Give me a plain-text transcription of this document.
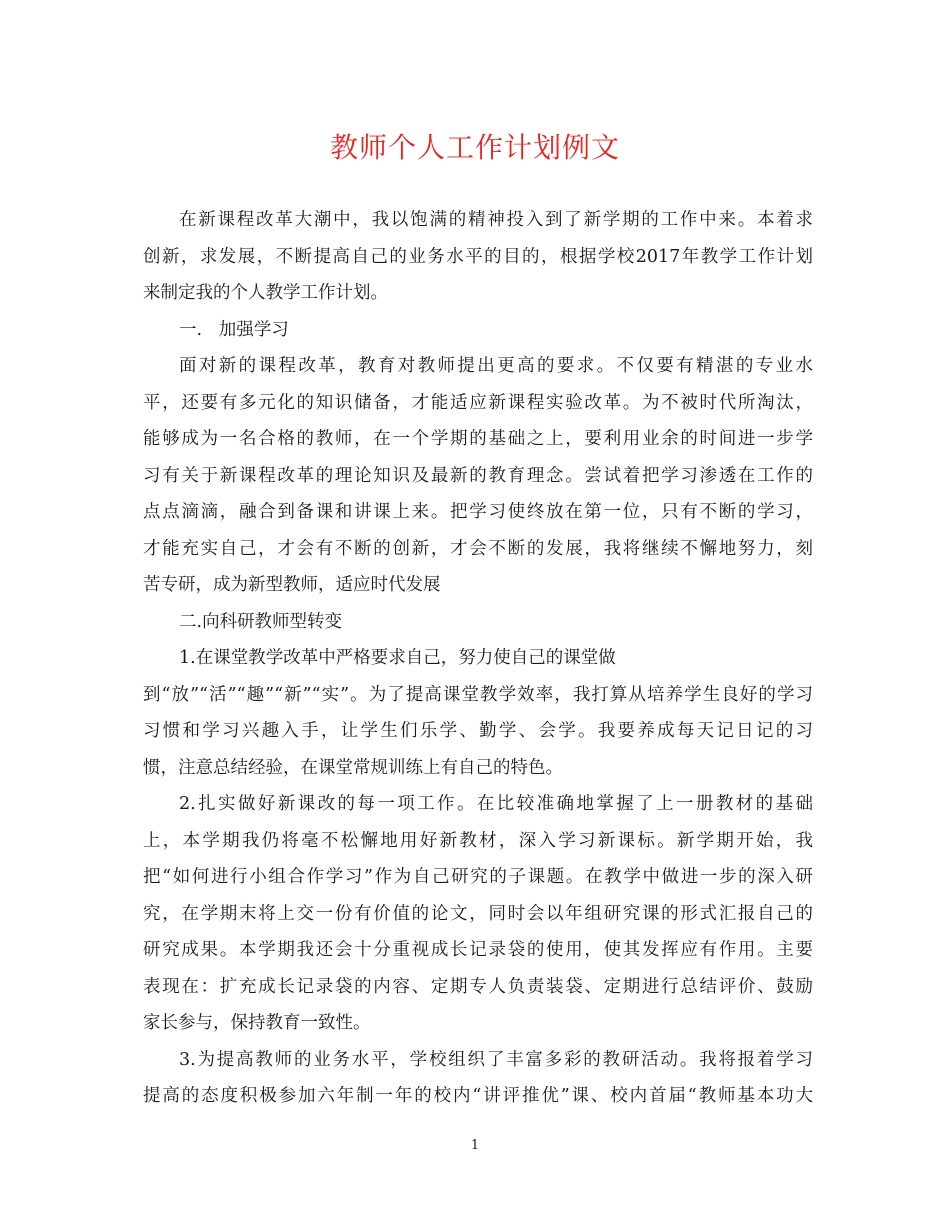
教师个人工作计划例文
在新课程改革大潮中，我以饱满的精神投入到了新学期的工作中来。本着求
创新，求发展，不断提高自己的业务水平的目的，根据学校2017年教学工作计划
来制定我的个人教学工作计划。
一.   加强学习
面对新的课程改革，教育对教师提出更高的要求。不仅要有精湛的专业水
平，还要有多元化的知识储备，才能适应新课程实验改革。为不被时代所淘汰，
能够成为一名合格的教师，在一个学期的基础之上，要利用业余的时间进一步学
习有关于新课程改革的理论知识及最新的教育理念。尝试着把学习渗透在工作的
点点滴滴，融合到备课和讲课上来。把学习使终放在第一位，只有不断的学习，
才能充实自己，才会有不断的创新，才会不断的发展，我将继续不懈地努力，刻
苦专研，成为新型教师，适应时代发展
二.向科研教师型转变
1.在课堂教学改革中严格要求自己，努力使自己的课堂做
到“放”“活”“趣”“新”“实”。为了提高课堂教学效率，我打算从培养学生良好的学习
习惯和学习兴趣入手，让学生们乐学、勤学、会学。我要养成每天记日记的习
惯，注意总结经验，在课堂常规训练上有自己的特色。
2.扎实做好新课改的每一项工作。在比较准确地掌握了上一册教材的基础
上，本学期我仍将毫不松懈地用好新教材，深入学习新课标。新学期开始，我
把“如何进行小组合作学习”作为自己研究的子课题。在教学中做进一步的深入研
究，在学期末将上交一份有价值的论文，同时会以年组研究课的形式汇报自己的
研究成果。本学期我还会十分重视成长记录袋的使用，使其发挥应有作用。主要
表现在：扩充成长记录袋的内容、定期专人负责装袋、定期进行总结评价、鼓励
家长参与，保持教育一致性。
3.为提高教师的业务水平，学校组织了丰富多彩的教研活动。我将报着学习
提高的态度积极参加六年制一年的校内“讲评推优”课、校内首届“教师基本功大
1
